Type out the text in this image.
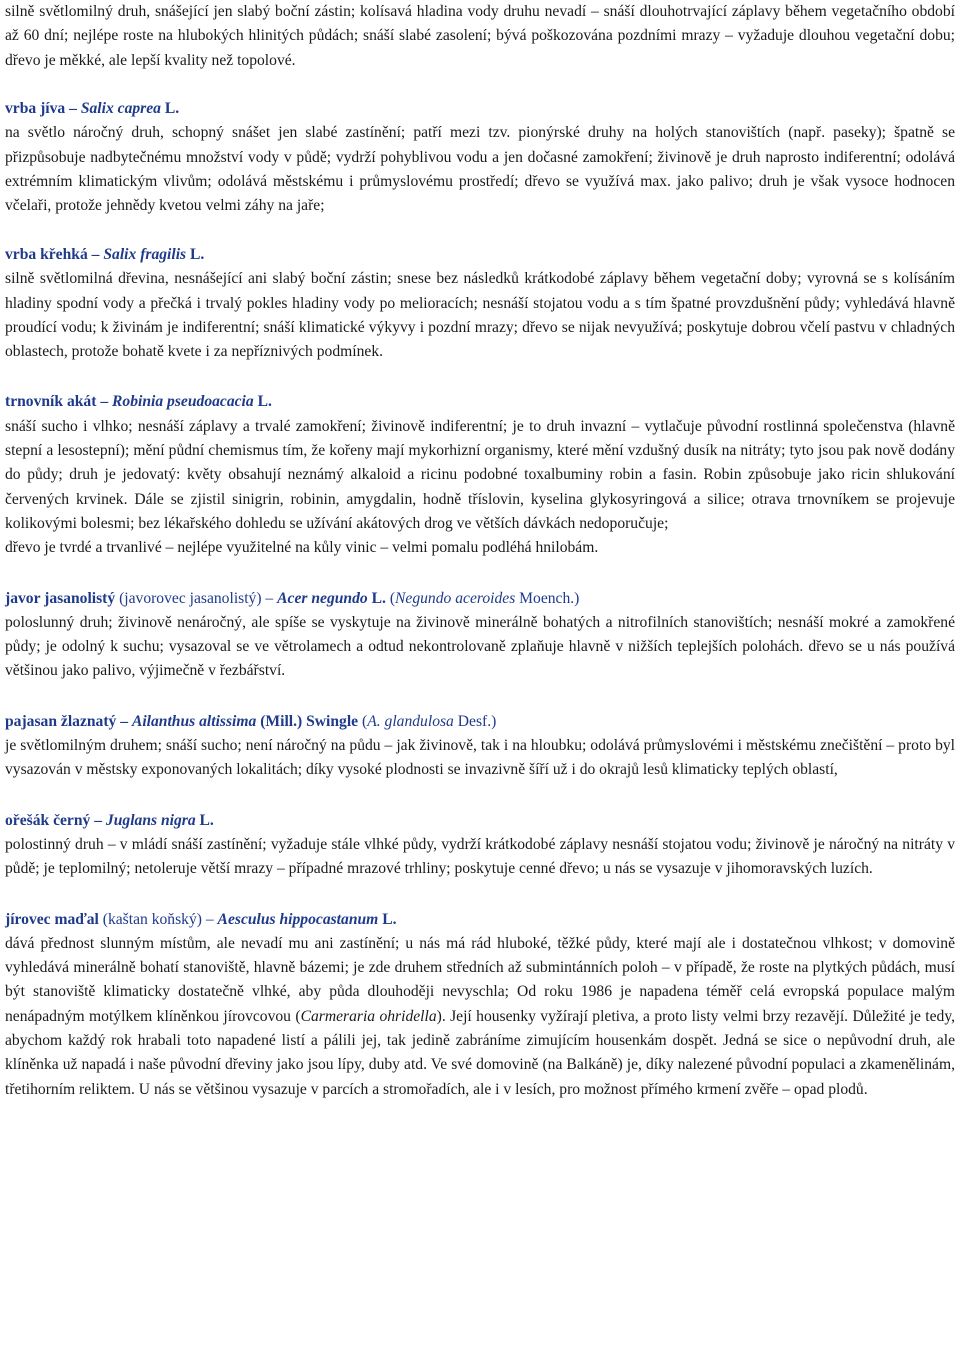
silně světlomilný druh, snášející jen slabý boční zástin; kolísavá hladina vody druhu nevadí – snáší dlouhotrvající záplavy během vegetačního období až 60 dní; nejlépe roste na hlubokých hlinitých půdách; snáší slabé zasolení; bývá poškozována pozdními mrazy – vyžaduje dlouhou vegetační dobu; dřevo je měkké, ale lepší kvality než topolové.

vrba jíva – Salix caprea L.

na světlo náročný druh, schopný snášet jen slabé zastínění; patří mezi tzv. pionýrské druhy na holých stanovištích (např. paseky); špatně se přizpůsobuje nadbytečnému množství vody v půdě; vydrží pohyblivou vodu a jen dočasné zamokření; živinově je druh naprosto indiferentní; odolává extrémním klimatickým vlivům; odolává městskému i průmyslovému prostředí; dřevo se využívá max. jako palivo; druh je však vysoce hodnocen včelaři, protože jehnědy kvetou velmi záhy na jaře;

vrba křehká – Salix fragilis L.

silně světlomilná dřevina, nesnášející ani slabý boční zástin; snese bez následků krátkodobé záplavy během vegetační doby; vyrovná se s kolísáním hladiny spodní vody a přečká i trvalý pokles hladiny vody po melioracích; nesnáší stojatou vodu a s tím špatné provzdušnění půdy; vyhledává hlavně proudící vodu; k živinám je indiferentní; snáší klimatické výkyvy i pozdní mrazy; dřevo se nijak nevyužívá; poskytuje dobrou včelí pastvu v chladných oblastech, protože bohatě kvete i za nepříznivých podmínek.

trnovník akát – Robinia pseudoacacia L.

snáší sucho i vlhko; nesnáší záplavy a trvalé zamokření; živinově indiferentní; je to druh invazní – vytlačuje původní rostlinná společenstva (hlavně stepní a lesostepní); mění půdní chemismus tím, že kořeny mají mykorhizní organismy, které mění vzdušný dusík na nitráty; tyto jsou pak nově dodány do půdy; druh je jedovatý: květy obsahují neznámý alkaloid a ricinu podobné toxalbuminy robin a fasin. Robin způsobuje jako ricin shlukování červených krvinek. Dále se zjistil sinigrin, robinin, amygdalin, hodně tříslovin, kyselina glykosyringová a silice; otrava trnovníkem se projevuje kolikovými bolesmi; bez lékařského dohledu se užívání akátových drog ve větších dávkách nedoporučuje;

dřevo je tvrdé a trvanlivé – nejlépe využitelné na kůly vinic – velmi pomalu podléhá hnilobám.

javor jasanolistý (javorovec jasanolistý) – Acer negundo L. (Negundo aceroides Moench.)

poloslunný druh; živinově nenáročný, ale spíše se vyskytuje na živinově minerálně bohatých a nitrofilních stanovištích; nesnáší mokré a zamokřené půdy; je odolný k suchu; vysazoval se ve větrolamech a odtud nekontrolovaně zplaňuje hlavně v nižších teplejších polohách. dřevo se u nás používá většinou jako palivo, výjimečně v řezbářství.

pajasan žlaznatý – Ailanthus altissima (Mill.) Swingle (A. glandulosa Desf.)

je světlomilným druhem; snáší sucho; není náročný na půdu – jak živinově, tak i na hloubku; odolává průmyslovémi i městskému znečištění – proto byl vysazován v městsky exponovaných lokalitách; díky vysoké plodnosti se invazivně šíří už i do okrajů lesů klimaticky teplých oblastí,

ořešák černý – Juglans nigra L.

polostinný druh – v mládí snáší zastínění; vyžaduje stále vlhké půdy, vydrží krátkodobé záplavy nesnáší stojatou vodu; živinově je náročný na nitráty v půdě; je teplomilný; netoleruje větší mrazy – případné mrazové trhliny; poskytuje cenné dřevo; u nás se vysazuje v jihomoravských luzích.

jírovec maďal (kaštan koňský) – Aesculus hippocastanum L.

dává přednost slunným místům, ale nevadí mu ani zastínění; u nás má rád hluboké, těžké půdy, které mají ale i dostatečnou vlhkost; v domovině vyhledává minerálně bohatí stanoviště, hlavně bázemi; je zde druhem středních až submintánních poloh – v případě, že roste na plytkých půdách, musí být stanoviště klimaticky dostatečně vlhké, aby půda dlouhoději nevyschla; Od roku 1986 je napadena téměř celá evropská populace malým nenápadným motýlkem klíněnkou jírovcovou (Carmeraria ohridella). Její housenky vyžírají pletiva, a proto listy velmi brzy rezavějí. Důležité je tedy, abychom každý rok hrabali toto napadené listí a pálili jej, tak jedině zabráníme zimujícím housenkám dospět. Jedná se sice o nepůvodní druh, ale klíněnka už napadá i naše původní dřeviny jako jsou lípy, duby atd. Ve své domovině (na Balkáně) je, díky nalezené původní populaci a zkamenělinám, třetihorním reliktem. U nás se většinou vysazuje v parcích a stromořadích, ale i v lesích, pro možnost přímého krmení zvěře – opad plodů.
